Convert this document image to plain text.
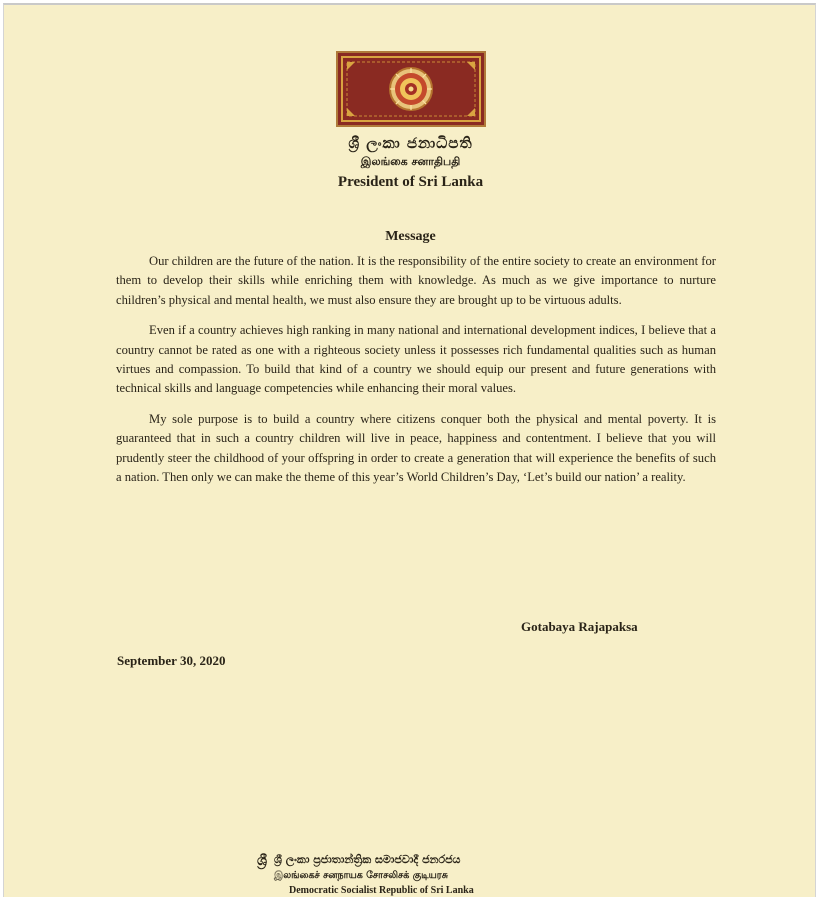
ශ්‍රී ලංකා ජනාධිපති
இலங்கை சனாதிபதி
President of Sri Lanka
Message

Our children are the future of the nation. It is the responsibility of the entire society to create an environment for them to develop their skills while enriching them with knowledge. As much as we give importance to nurture children’s physical and mental health, we must also ensure they are brought up to be virtuous adults.

Even if a country achieves high ranking in many national and international development indices, I believe that a country cannot be rated as one with a righteous society unless it possesses rich fundamental qualities such as human virtues and compassion. To build that kind of a country we should equip our present and future generations with technical skills and language competencies while enhancing their moral values.

My sole purpose is to build a country where citizens conquer both the physical and mental poverty. It is guaranteed that in such a country children will live in peace, happiness and contentment. I believe that you will prudently steer the childhood of your offspring in order to create a generation that will experience the benefits of such a nation. Then only we can make the theme of this year’s World Children’s Day, ‘Let’s build our nation’ a reality.

Gotabaya Rajapaksa
September 30, 2020
ශ්‍රී ශ්‍රී ලංකා ප්‍රජාතාන්ත්‍රික සමාජවාදී ජනරජය
இலங்கைச் சனநாயக சோசலிசக் குடியரசு
Democratic Socialist Republic of Sri Lanka
